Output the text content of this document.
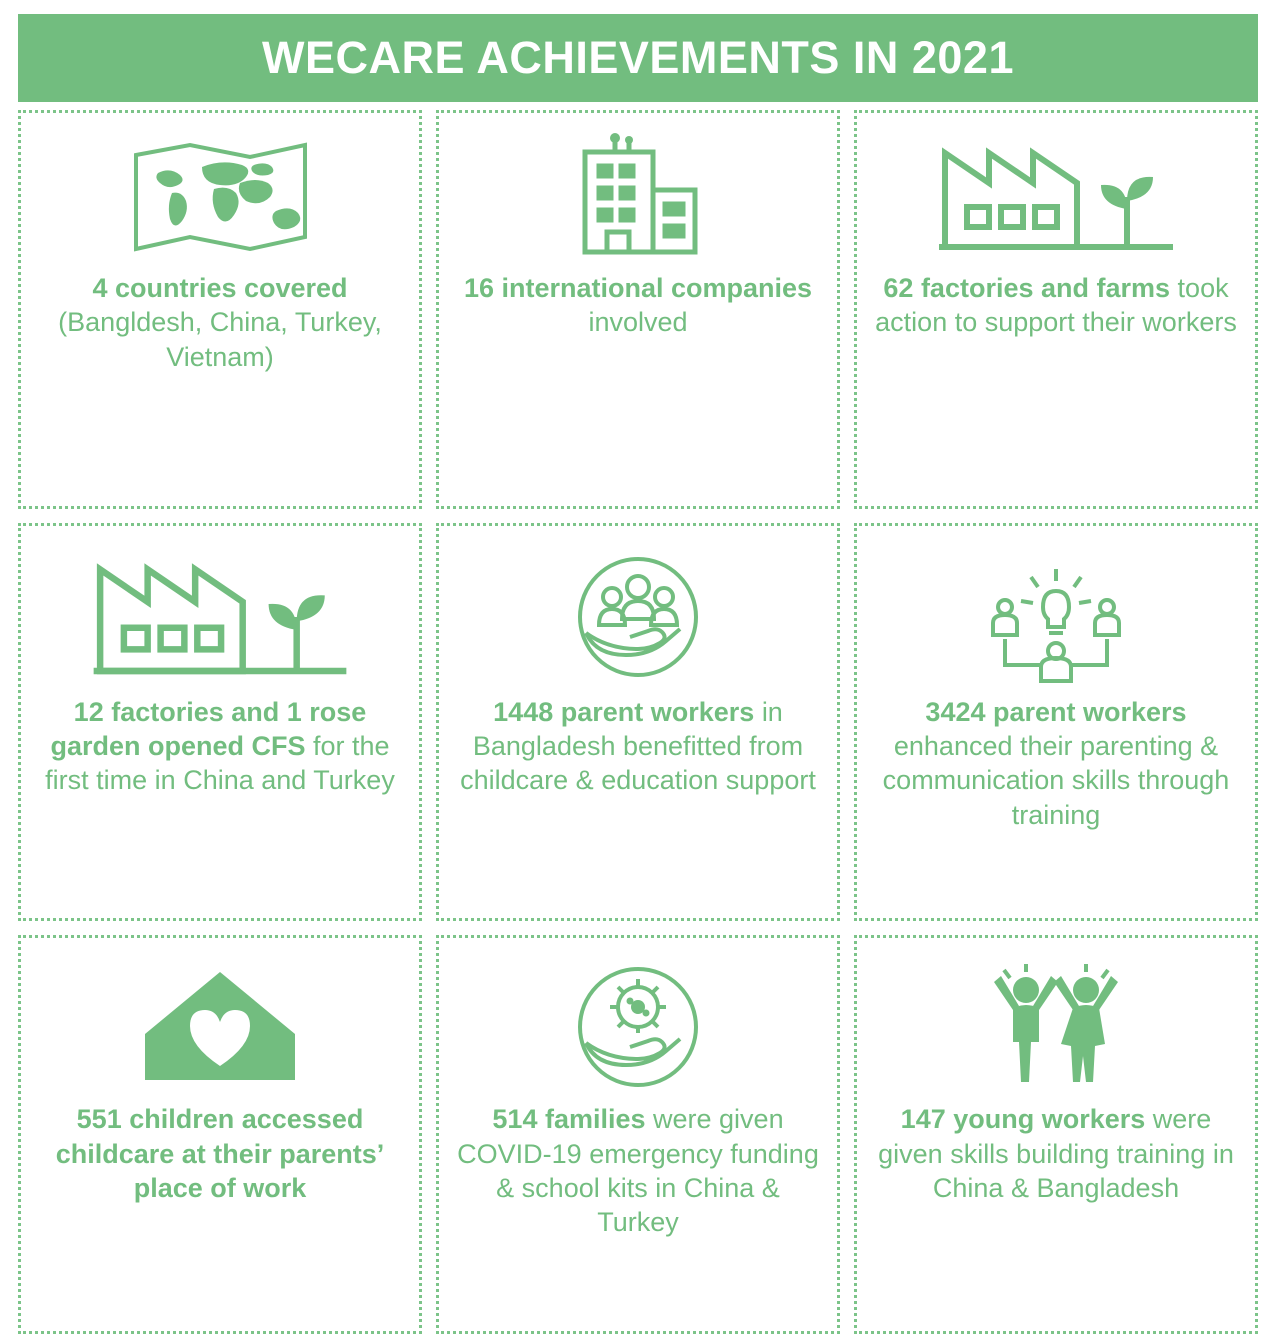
WECARE ACHIEVEMENTS IN 2021
4 countries covered (Bangldesh, China, Turkey, Vietnam)
16 international companies involved
62 factories and farms took action to support their workers
12 factories and 1 rose garden opened CFS for the first time in China and Turkey
1448 parent workers in Bangladesh benefitted from childcare & education support
3424 parent workers enhanced their parenting & communication skills through training
551 children accessed childcare at their parents’ place of work
514 families were given COVID-19 emergency funding & school kits in China & Turkey
147 young workers were given skills building training in China & Bangladesh
